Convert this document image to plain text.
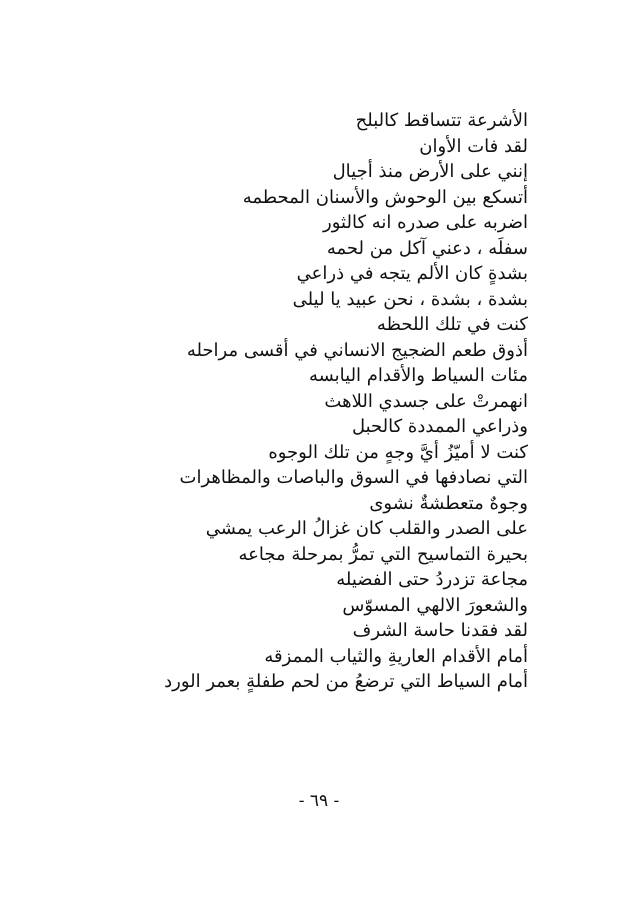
الأشرعة تتساقط كالبلح
لقد فات الأوان
إنني على الأرض منذ أجيال
أتسكع بين الوحوش والأسنان المحطمه
اضربه على صدره انه كالثور
سفلَه ، دعني آكل من لحمه
بشدةٍ كان الألم يتجه في ذراعي
بشدة ، بشدة ، نحن عبيد يا ليلى
كنت في تلك اللحظه
أذوق طعم الضجيج الانساني في أقسى مراحله
مئات السياط والأقدام اليابسه
انهمرتْ على جسدي اللاهث
وذراعي الممددة كالحبل
كنت لا أميّزُ أيَّ وجهٍ من تلك الوجوه
التي نصادفها في السوق والباصات والمظاهرات
وجوهٌ متعطشةٌ نشوى
على الصدر والقلب كان غزالُ الرعب يمشي
بحيرة التماسيح التي تمرُّ بمرحلة مجاعه
مجاعة تزدردُ حتى الفضيله
والشعورَ الالهي المسوّس
لقد فقدنا حاسة الشرف
أمام الأقدام العاريةِ والثياب الممزقه
أمام السياط التي ترضعُ من لحم طفلةٍ بعمر الورد
- ٦٩ -
